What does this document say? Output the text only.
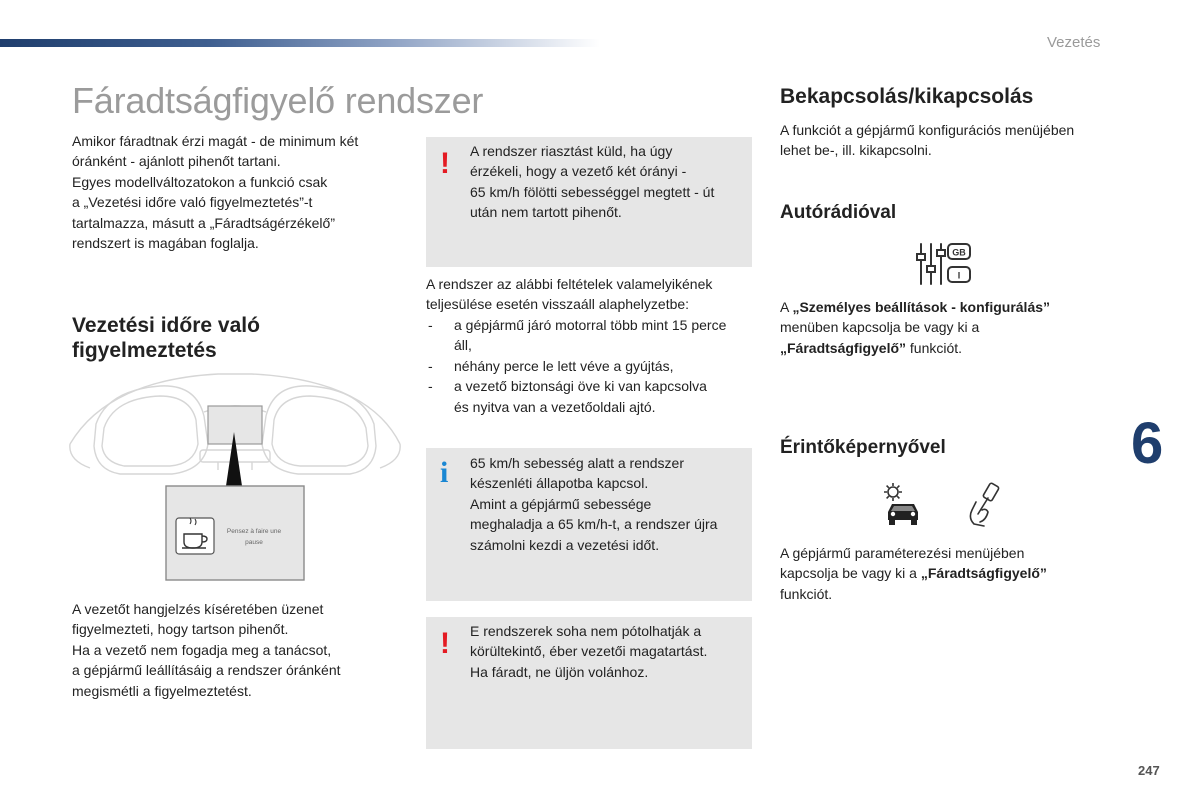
Vezetés
Fáradtságfigyelő rendszer
Amikor fáradtnak érzi magát - de minimum két
óránként - ajánlott pihenőt tartani.
Egyes modellváltozatokon a funkció csak
a „Vezetési időre való figyelmeztetés”-t
tartalmazza, másutt a „Fáradtságérzékelő”
rendszert is magában foglalja.
Vezetési időre való
figyelmeztetés
Pensez à faire une
pause
A vezetőt hangjelzés kíséretében üzenet
figyelmezteti, hogy tartson pihenőt.
Ha a vezető nem fogadja meg a tanácsot,
a gépjármű leállításáig a rendszer óránként
megismétli a figyelmeztetést.
! A rendszer riasztást küld, ha úgy
érzékeli, hogy a vezető két órányi -
65 km/h fölötti sebességgel megtett - út
után nem tartott pihenőt.
A rendszer az alábbi feltételek valamelyikének
teljesülése esetén visszaáll alaphelyzetbe:
- a gépjármű járó motorral több mint 15 perce
áll,
- néhány perce le lett véve a gyújtás,
- a vezető biztonsági öve ki van kapcsolva
és nyitva van a vezetőoldali ajtó.
i 65 km/h sebesség alatt a rendszer
készenléti állapotba kapcsol.
Amint a gépjármű sebessége
meghaladja a 65 km/h-t, a rendszer újra
számolni kezdi a vezetési időt.
! E rendszerek soha nem pótolhatják a
körültekintő, éber vezetői magatartást.
Ha fáradt, ne üljön volánhoz.
Bekapcsolás/kikapcsolás
A funkciót a gépjármű konfigurációs menüjében
lehet be-, ill. kikapcsolni.
Autórádióval
GB
I
A „Személyes beállítások - konfigurálás”
menüben kapcsolja be vagy ki a
„Fáradtságfigyelő” funkciót.
Érintőképernyővel
A gépjármű paraméterezési menüjében
kapcsolja be vagy ki a „Fáradtságfigyelő”
funkciót.
6
247
